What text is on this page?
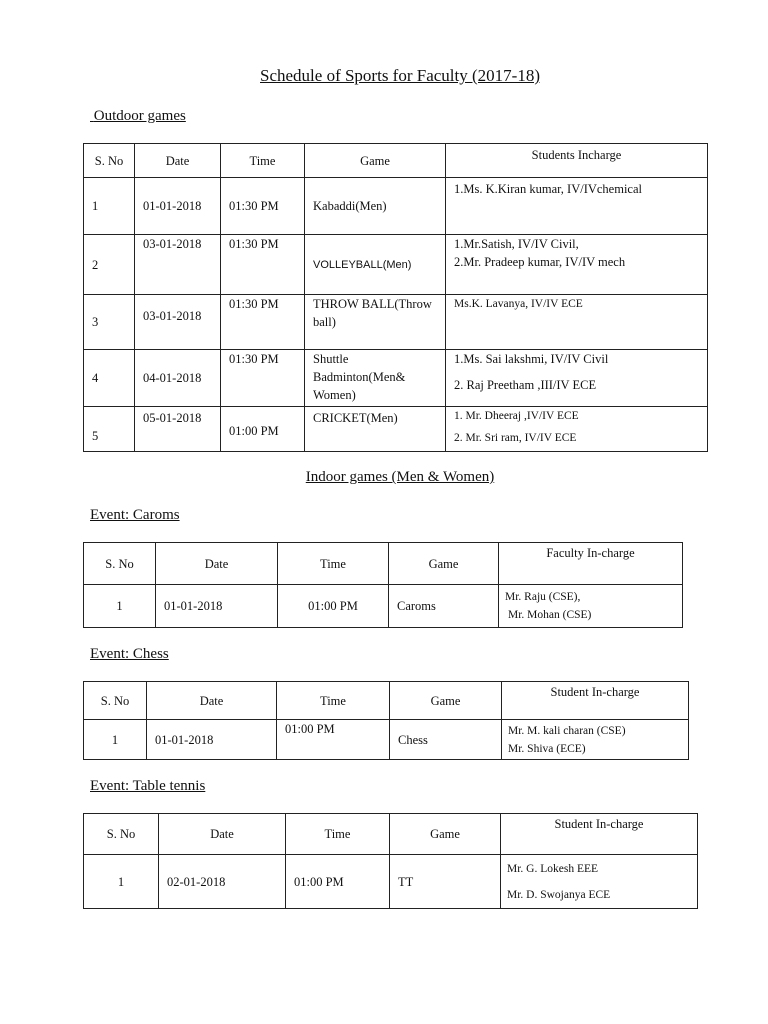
Schedule of Sports for Faculty (2017-18)
Outdoor games
S. No	Date	Time	Game	Students Incharge
1	01-01-2018	01:30 PM	Kabaddi(Men)	1.Ms. K.Kiran kumar, IV/IVchemical

2	03-01-2018	01:30 PM	VOLLEYBALL(Men)	1.Mr.Satish, IV/IV Civil,
2.Mr. Pradeep kumar, IV/IV mech

3	03-01-2018	01:30 PM	THROW BALL(Throw ball)	Ms.K. Lavanya, IV/IV ECE

4	04-01-2018	01:30 PM	Shuttle Badminton(Men& Women)	1.Ms. Sai lakshmi, IV/IV Civil
2. Raj Preetham ,III/IV ECE

5	05-01-2018	01:00 PM	CRICKET(Men)	1. Mr. Dheeraj ,IV/IV ECE
2. Mr. Sri ram, IV/IV ECE
Indoor games (Men & Women)
Event: Caroms
S. No	Date	Time	Game	Faculty In-charge
1	01-01-2018	01:00 PM	Caroms	Mr. Raju (CSE),
Mr. Mohan (CSE)
Event: Chess
S. No	Date	Time	Game	Student In-charge
1	01-01-2018	01:00 PM	Chess	Mr. M. kali charan (CSE)
Mr. Shiva (ECE)
Event: Table tennis
S. No	Date	Time	Game	Student In-charge
1	02-01-2018	01:00 PM	TT	Mr. G. Lokesh EEE
Mr. D. Swojanya ECE
